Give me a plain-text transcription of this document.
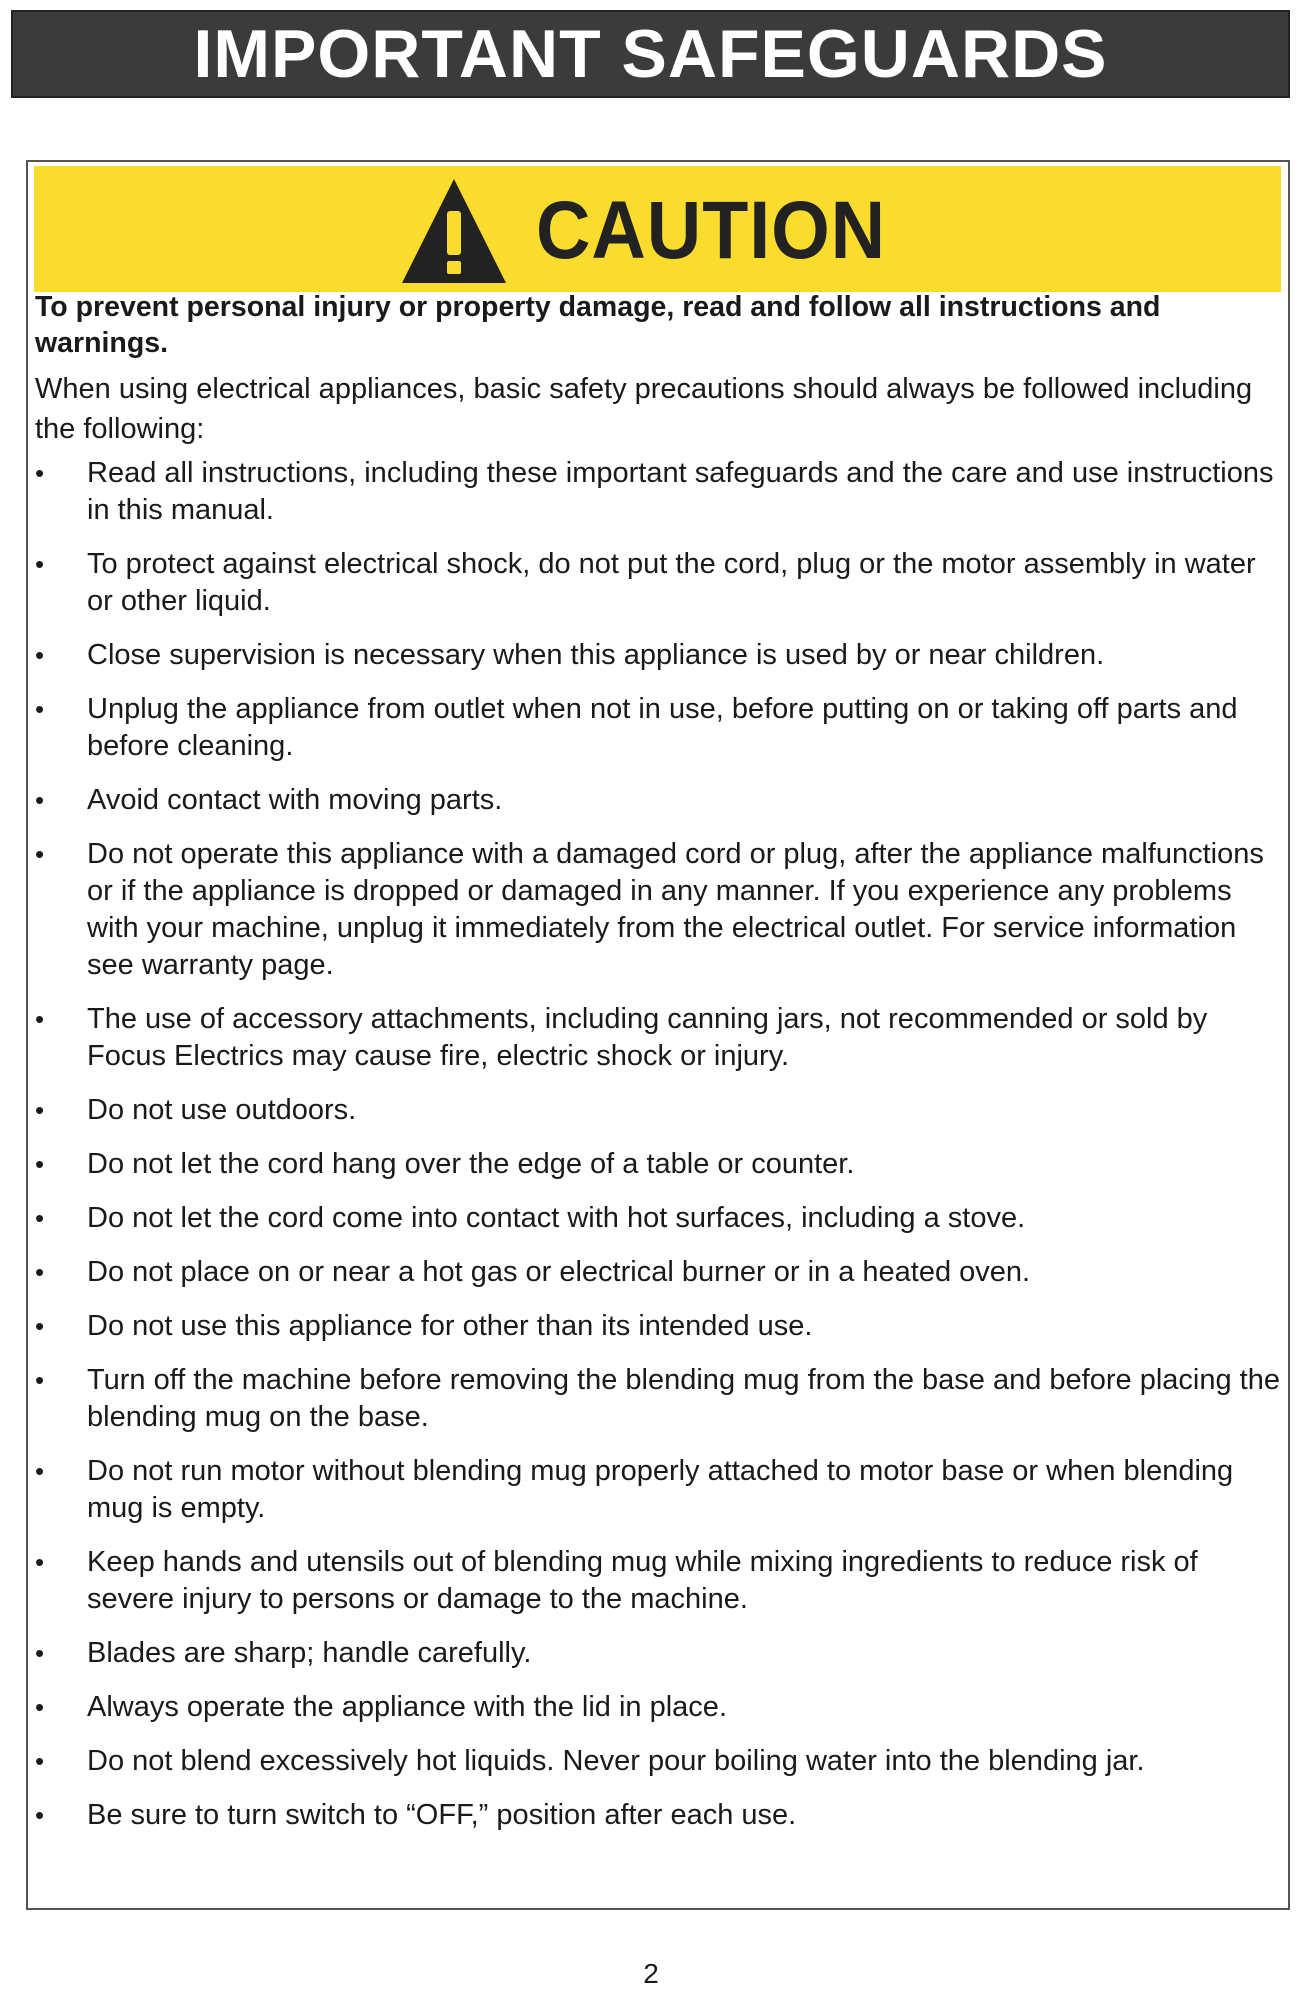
IMPORTANT SAFEGUARDS
CAUTION

To prevent personal injury or property damage, read and follow all instructions and warnings.

When using electrical appliances, basic safety precautions should always be followed including the following:

• Read all instructions, including these important safeguards and the care and use instructions in this manual.
• To protect against electrical shock, do not put the cord, plug or the motor assembly in water or other liquid.
• Close supervision is necessary when this appliance is used by or near children.
• Unplug the appliance from outlet when not in use, before putting on or taking off parts and before cleaning.
• Avoid contact with moving parts.
• Do not operate this appliance with a damaged cord or plug, after the appliance malfunctions or if the appliance is dropped or damaged in any manner. If you experience any problems with your machine, unplug it immediately from the electrical outlet. For service information see warranty page.
• The use of accessory attachments, including canning jars, not recommended or sold by Focus Electrics may cause fire, electric shock or injury.
• Do not use outdoors.
• Do not let the cord hang over the edge of a table or counter.
• Do not let the cord come into contact with hot surfaces, including a stove.
• Do not place on or near a hot gas or electrical burner or in a heated oven.
• Do not use this appliance for other than its intended use.
• Turn off the machine before removing the blending mug from the base and before placing the blending mug on the base.
• Do not run motor without blending mug properly attached to motor base or when blending mug is empty.
• Keep hands and utensils out of blending mug while mixing ingredients to reduce risk of severe injury to persons or damage to the machine.
• Blades are sharp; handle carefully.
• Always operate the appliance with the lid in place.
• Do not blend excessively hot liquids. Never pour boiling water into the blending jar.
• Be sure to turn switch to “OFF,” position after each use.
2
